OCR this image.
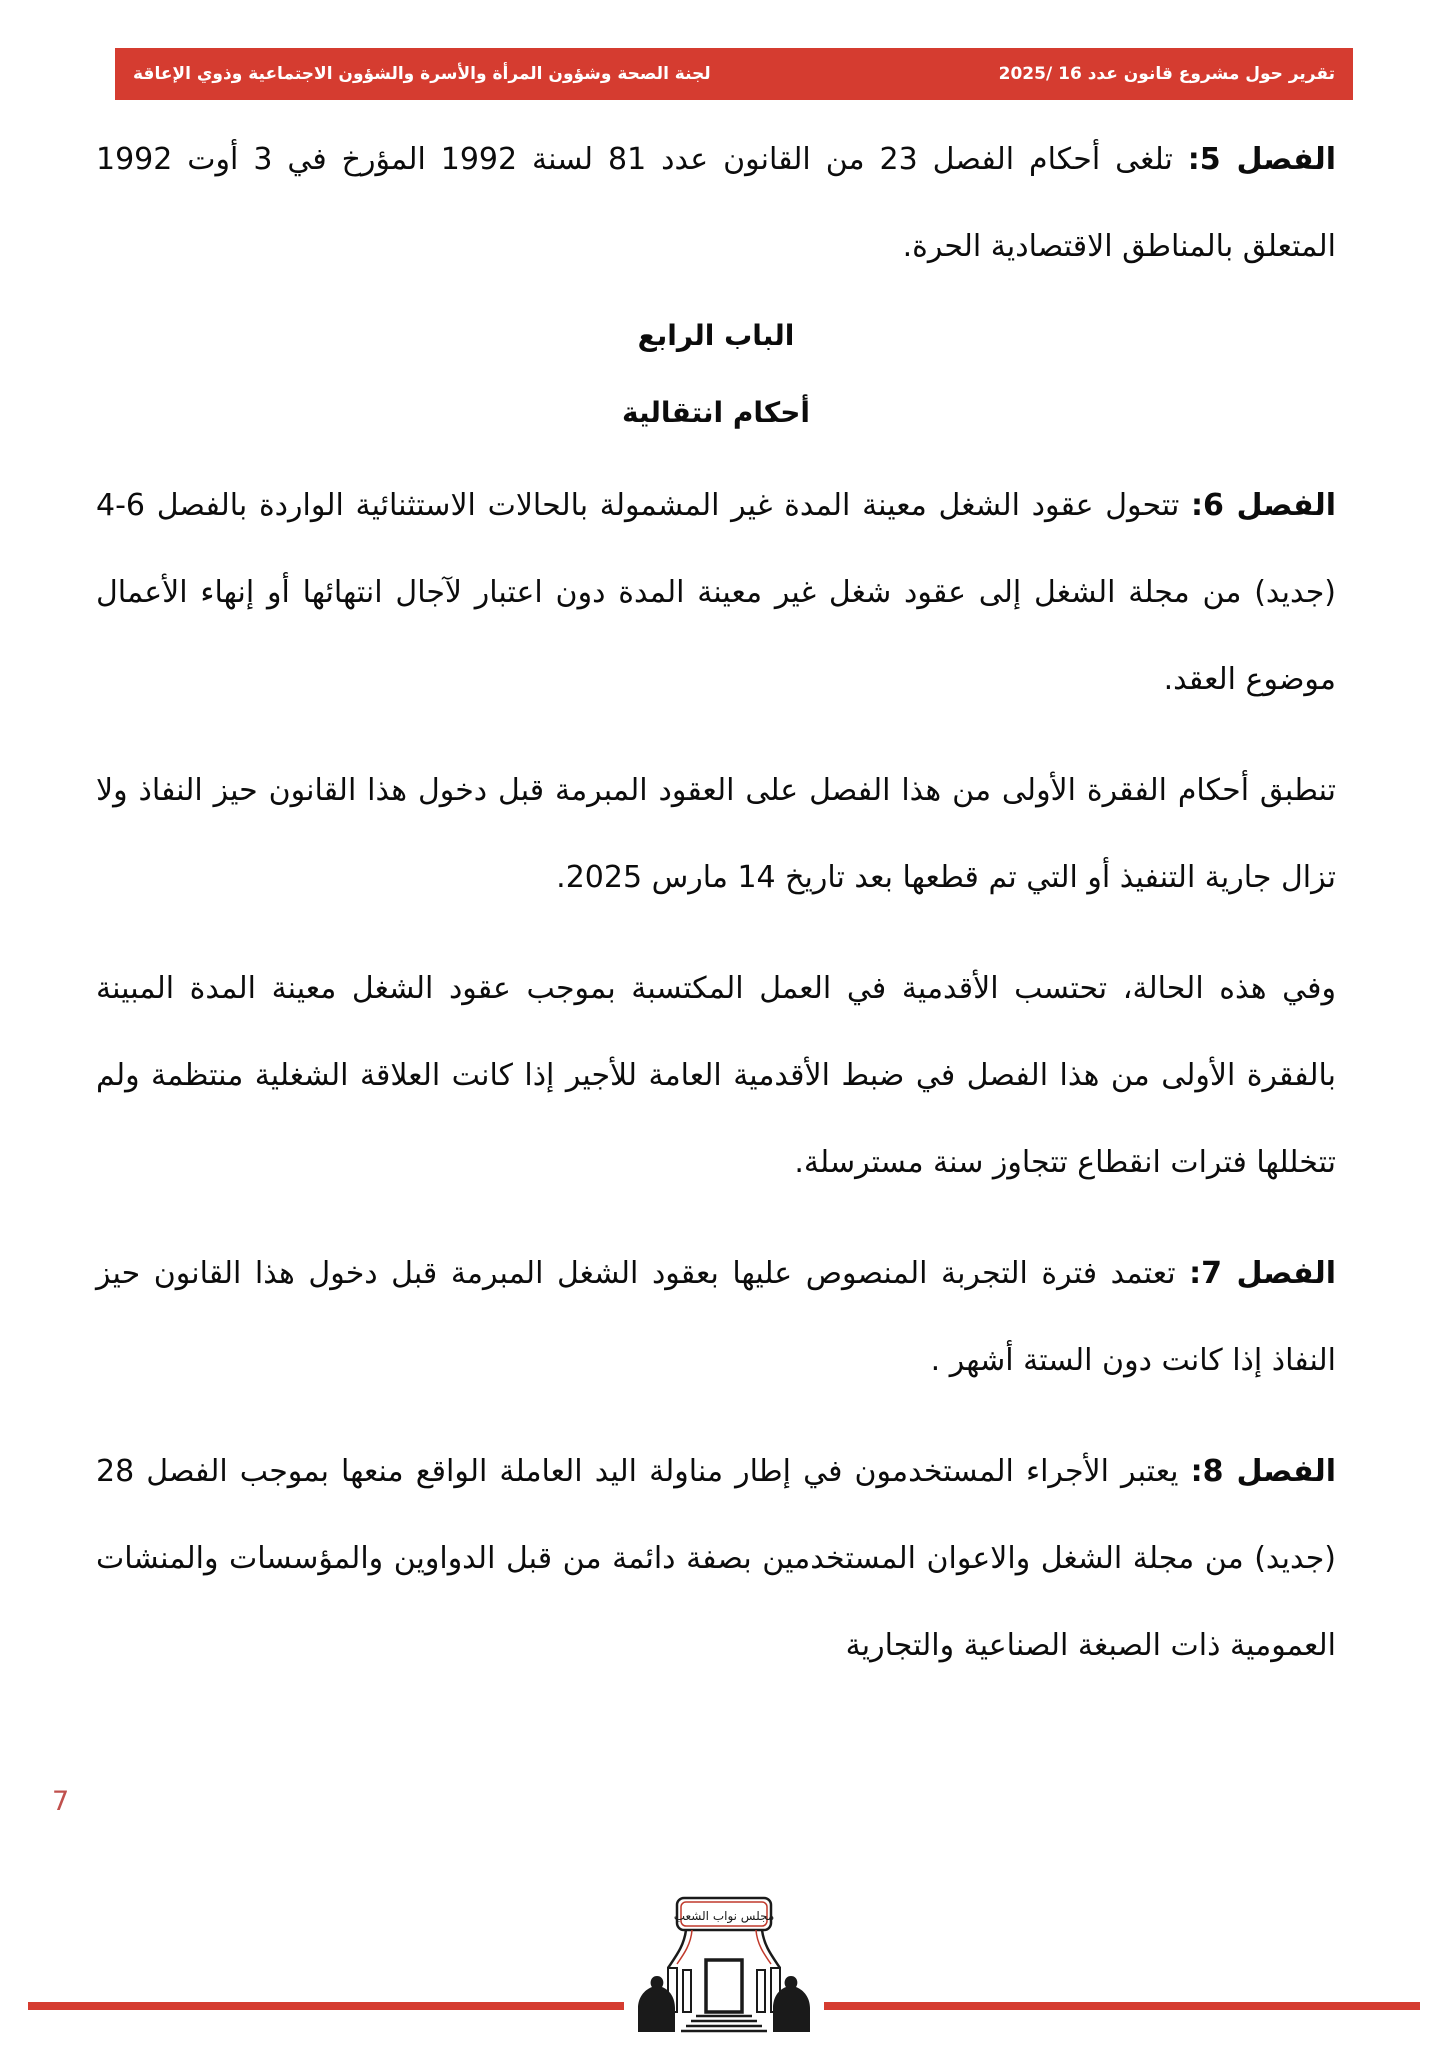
تقرير حول مشروع قانون عدد 16 /2025
لجنة الصحة وشؤون المرأة والأسرة والشؤون الاجتماعية وذوي الإعاقة

الفصل 5: تلغى أحكام الفصل 23 من القانون عدد 81 لسنة 1992 المؤرخ في 3 أوت 1992 المتعلق بالمناطق الاقتصادية الحرة.

الباب الرابع
أحكام انتقالية

الفصل 6: تتحول عقود الشغل معينة المدة غير المشمولة بالحالات الاستثنائية الواردة بالفصل 6-4 (جديد) من مجلة الشغل إلى عقود شغل غير معينة المدة دون اعتبار لآجال انتهائها أو إنهاء الأعمال موضوع العقد.

تنطبق أحكام الفقرة الأولى من هذا الفصل على العقود المبرمة قبل دخول هذا القانون حيز النفاذ ولا تزال جارية التنفيذ أو التي تم قطعها بعد تاريخ 14 مارس 2025.

وفي هذه الحالة، تحتسب الأقدمية في العمل المكتسبة بموجب عقود الشغل معينة المدة المبينة بالفقرة الأولى من هذا الفصل في ضبط الأقدمية العامة للأجير إذا كانت العلاقة الشغلية منتظمة ولم تتخللها فترات انقطاع تتجاوز سنة مسترسلة.

الفصل 7: تعتمد فترة التجربة المنصوص عليها بعقود الشغل المبرمة قبل دخول هذا القانون حيز النفاذ إذا كانت دون الستة أشهر .

الفصل 8: يعتبر الأجراء المستخدمون في إطار مناولة اليد العاملة الواقع منعها بموجب الفصل 28 (جديد) من مجلة الشغل والاعوان المستخدمين بصفة دائمة من قبل الدواوين والمؤسسات والمنشات العمومية ذات الصبغة الصناعية والتجارية

7
مجلس نواب الشعب
